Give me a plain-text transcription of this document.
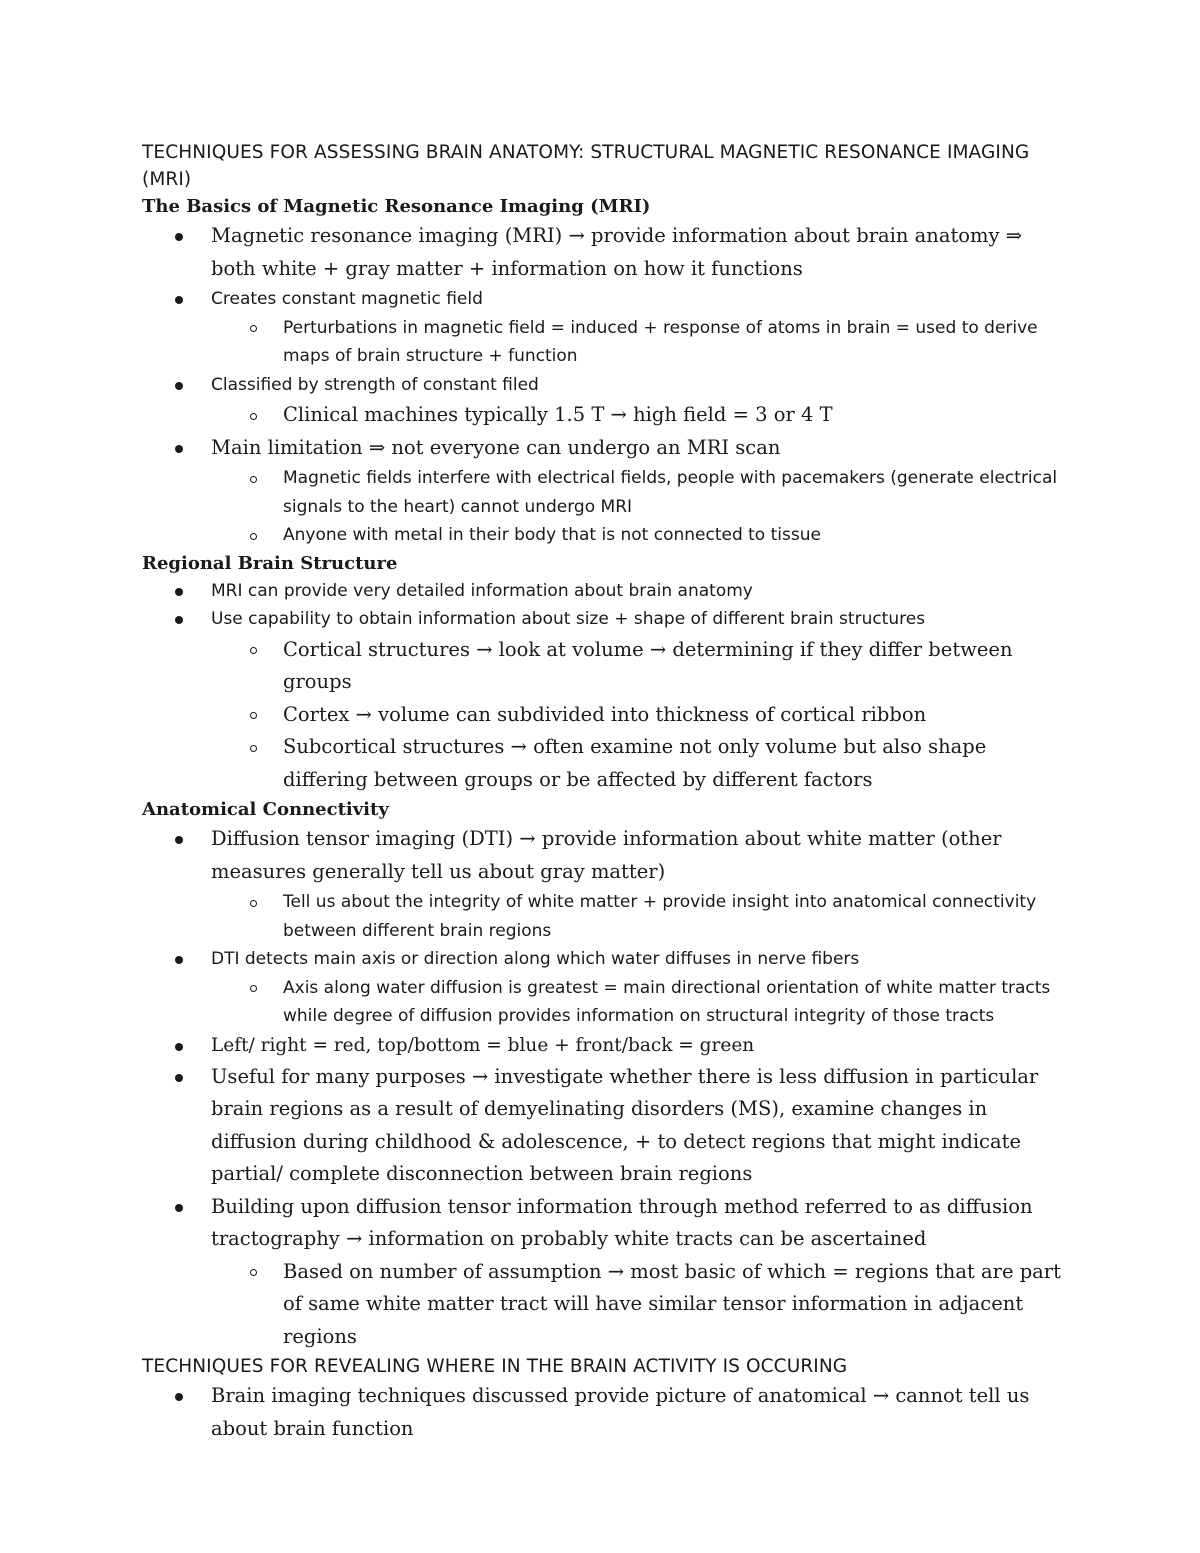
TECHNIQUES FOR ASSESSING BRAIN ANATOMY: STRUCTURAL MAGNETIC RESONANCE IMAGING (MRI)

The Basics of Magnetic Resonance Imaging (MRI)

Magnetic resonance imaging (MRI) → provide information about brain anatomy ⇒ both white + gray matter + information on how it functions
Creates constant magnetic field
Perturbations in magnetic field = induced + response of atoms in brain = used to derive maps of brain structure + function
Classified by strength of constant filed
Clinical machines typically 1.5 T → high field = 3 or 4 T
Main limitation ⇒ not everyone can undergo an MRI scan
Magnetic fields interfere with electrical fields, people with pacemakers (generate electrical signals to the heart) cannot undergo MRI
Anyone with metal in their body that is not connected to tissue

Regional Brain Structure

MRI can provide very detailed information about brain anatomy
Use capability to obtain information about size + shape of different brain structures
Cortical structures → look at volume → determining if they differ between groups
Cortex → volume can subdivided into thickness of cortical ribbon
Subcortical structures → often examine not only volume but also shape differing between groups or be affected by different factors

Anatomical Connectivity

Diffusion tensor imaging (DTI) → provide information about white matter (other measures generally tell us about gray matter)
Tell us about the integrity of white matter + provide insight into anatomical connectivity between different brain regions
DTI detects main axis or direction along which water diffuses in nerve fibers
Axis along water diffusion is greatest = main directional orientation of white matter tracts while degree of diffusion provides information on structural integrity of those tracts
Left/ right = red, top/bottom = blue + front/back = green
Useful for many purposes → investigate whether there is less diffusion in particular brain regions as a result of demyelinating disorders (MS), examine changes in diffusion during childhood & adolescence, + to detect regions that might indicate partial/ complete disconnection between brain regions
Building upon diffusion tensor information through method referred to as diffusion tractography → information on probably white tracts can be ascertained
Based on number of assumption → most basic of which = regions that are part of same white matter tract will have similar tensor information in adjacent regions

TECHNIQUES FOR REVEALING WHERE IN THE BRAIN ACTIVITY IS OCCURING

Brain imaging techniques discussed provide picture of anatomical → cannot tell us about brain function
